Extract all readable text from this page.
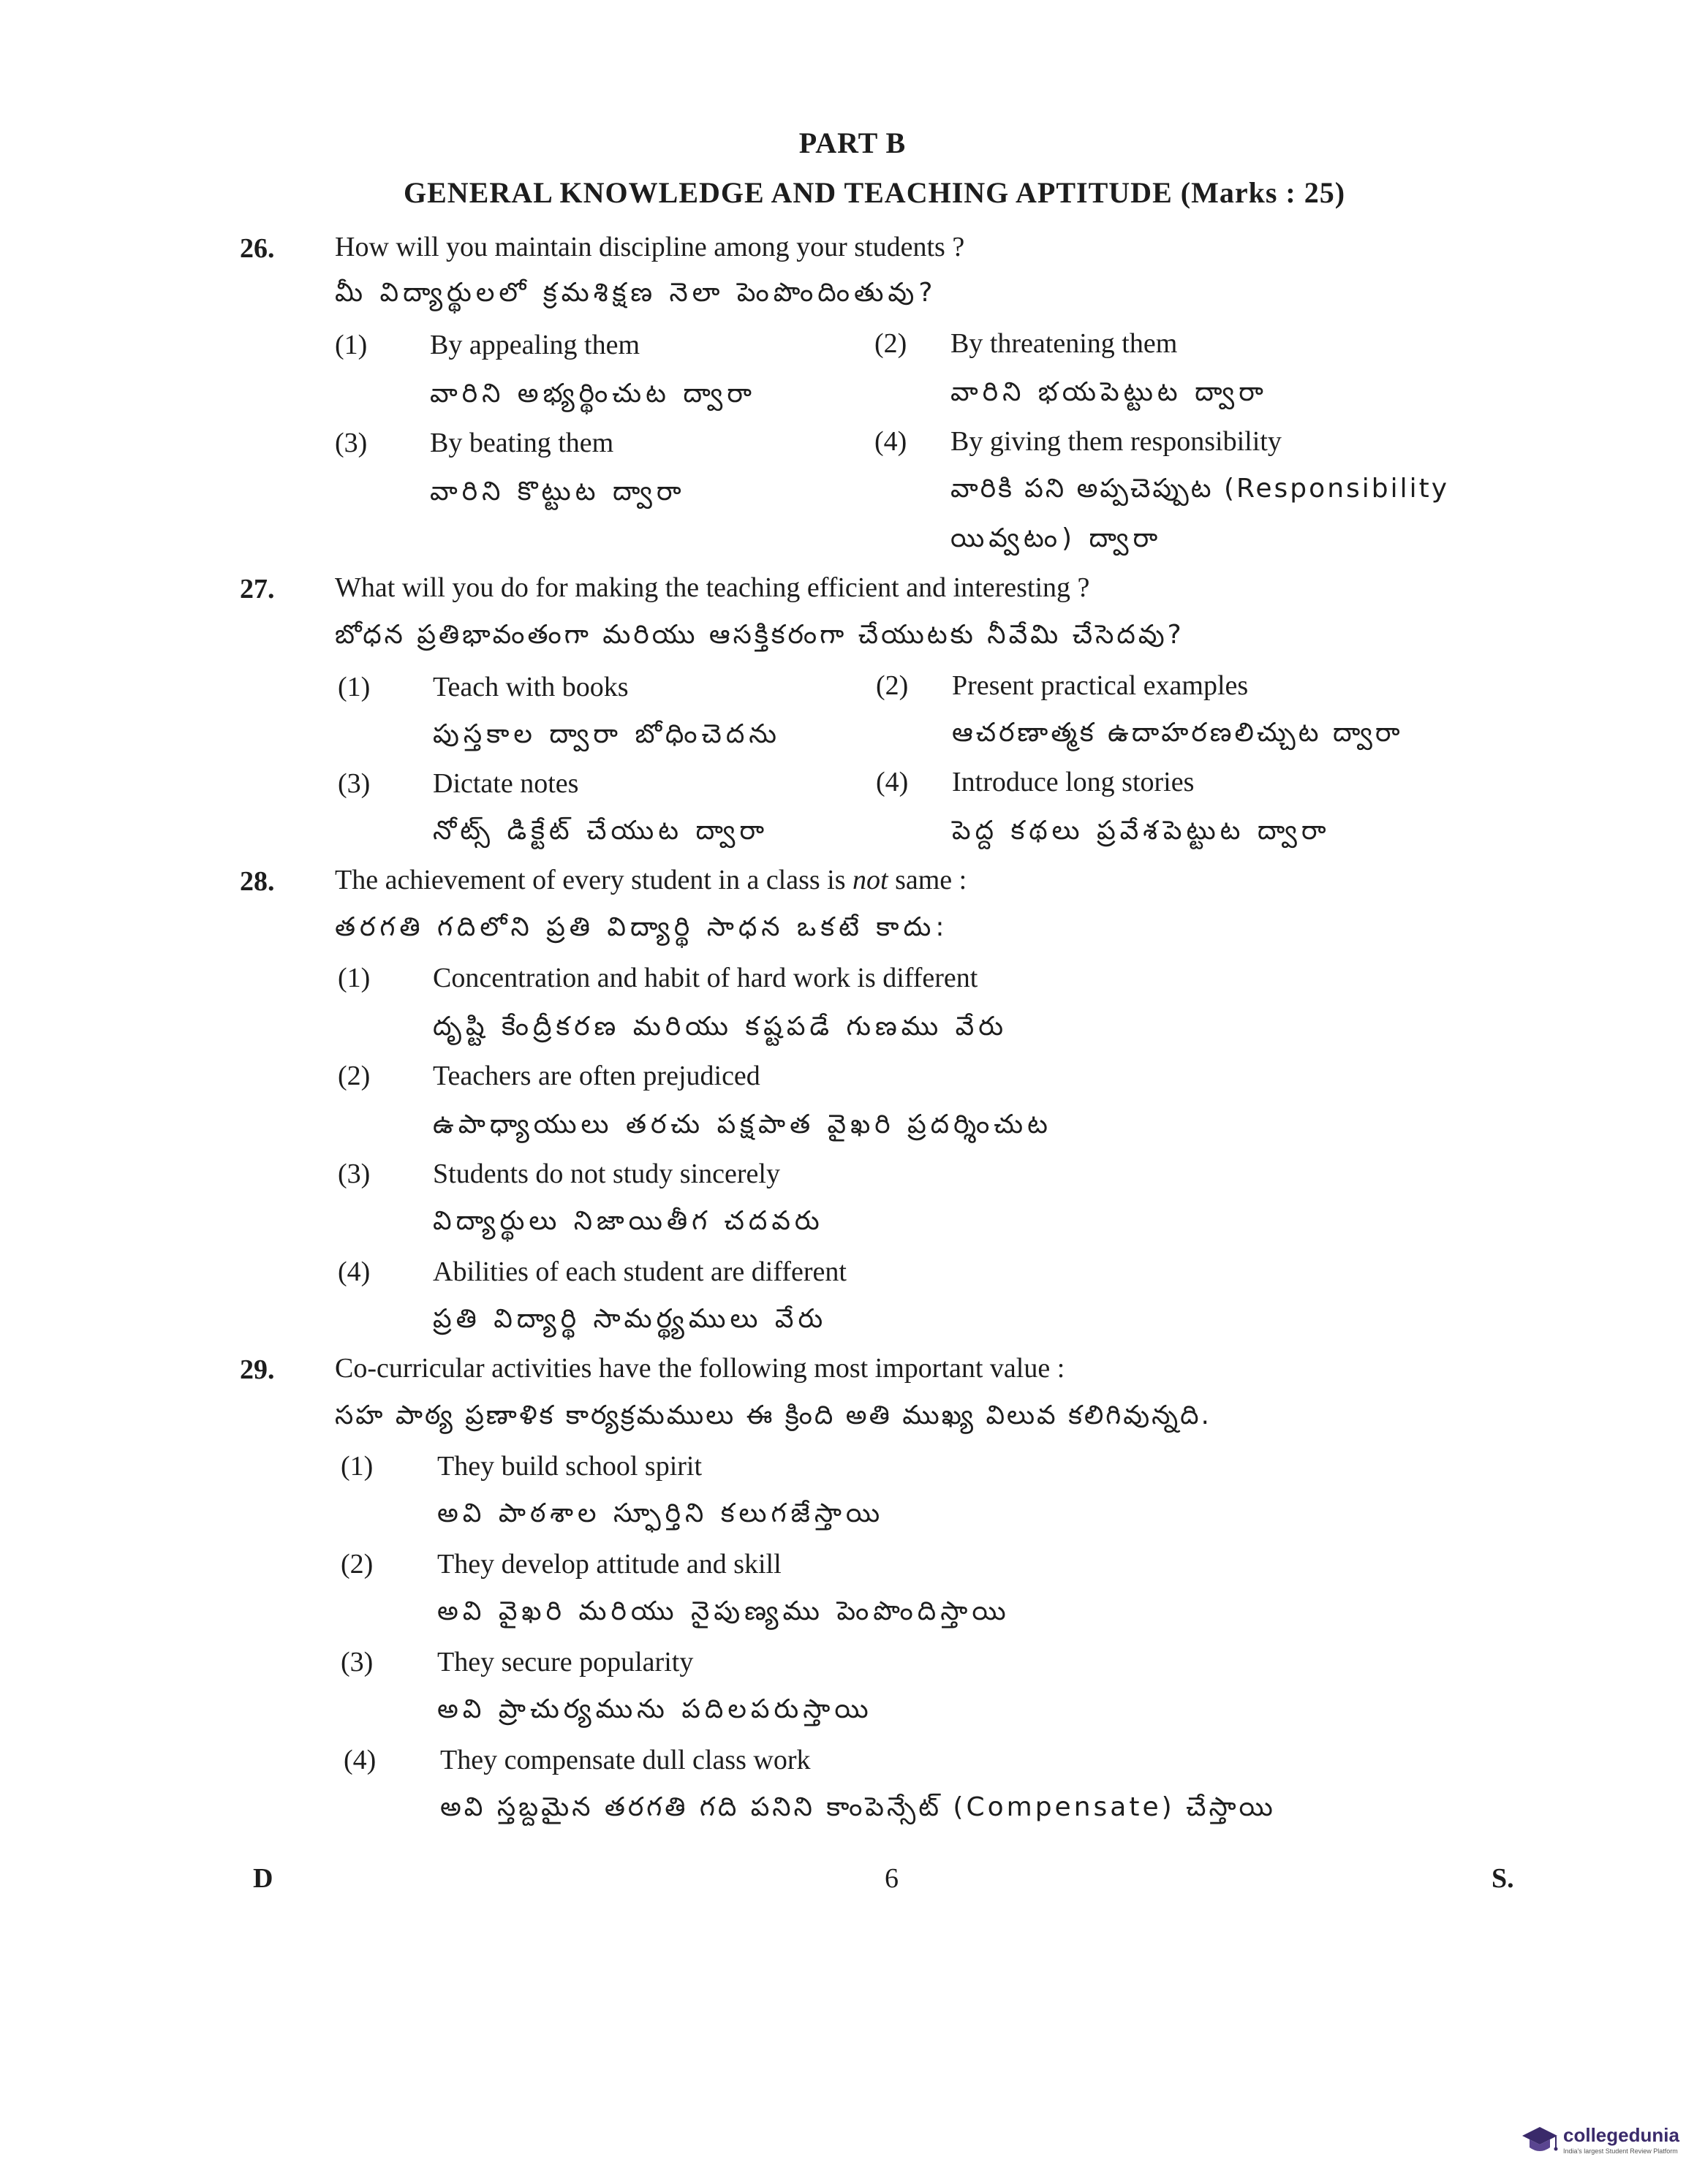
PART B
GENERAL KNOWLEDGE AND TEACHING APTITUDE (Marks : 25)
26. How will you maintain discipline among your students ?
మీ విద్యార్థులలో క్రమశిక్షణ నెలా పెంపొందింతువు?
(1) By appealing them
వారిని అభ్యర్థించుట ద్వారా
(2) By threatening them
వారిని భయపెట్టుట ద్వారా
(3) By beating them
వారిని కొట్టుట ద్వారా
(4) By giving them responsibility
వారికి పని అప్పచెప్పుట (Responsibility
యివ్వటం) ద్వారా
27. What will you do for making the teaching efficient and interesting ?
బోధన ప్రతిభావంతంగా మరియు ఆసక్తికరంగా చేయుటకు నీవేమి చేసెదవు?
(1) Teach with books
పుస్తకాల ద్వారా బోధించెదను
(2) Present practical examples
ఆచరణాత్మక ఉదాహరణలిచ్చుట ద్వారా
(3) Dictate notes
నోట్స్ డిక్టేట్ చేయుట ద్వారా
(4) Introduce long stories
పెద్ద కథలు ప్రవేశపెట్టుట ద్వారా
28. The achievement of every student in a class is not same :
తరగతి గదిలోని ప్రతి విద్యార్థి సాధన ఒకటే కాదు:
(1) Concentration and habit of hard work is different
దృష్టి కేంద్రీకరణ మరియు కష్టపడే గుణము వేరు
(2) Teachers are often prejudiced
ఉపాధ్యాయులు తరచు పక్షపాత వైఖరి ప్రదర్శించుట
(3) Students do not study sincerely
విద్యార్థులు నిజాయితీగ చదవరు
(4) Abilities of each student are different
ప్రతి విద్యార్థి సామర్థ్యములు వేరు
29. Co-curricular activities have the following most important value :
సహ పాఠ్య ప్రణాళిక కార్యక్రమములు ఈ క్రింది అతి ముఖ్య విలువ కలిగివున్నది.
(1) They build school spirit
అవి పాఠశాల స్ఫూర్తిని కలుగజేస్తాయి
(2) They develop attitude and skill
అవి వైఖరి మరియు నైపుణ్యము పెంపొందిస్తాయి
(3) They secure popularity
అవి ప్రాచుర్యమును పదిలపరుస్తాయి
(4) They compensate dull class work
అవి స్తబ్దమైన తరగతి గది పనిని కాంపెన్సేట్ (Compensate) చేస్తాయి
D	6	S.
collegedunia
India's largest Student Review Platform
